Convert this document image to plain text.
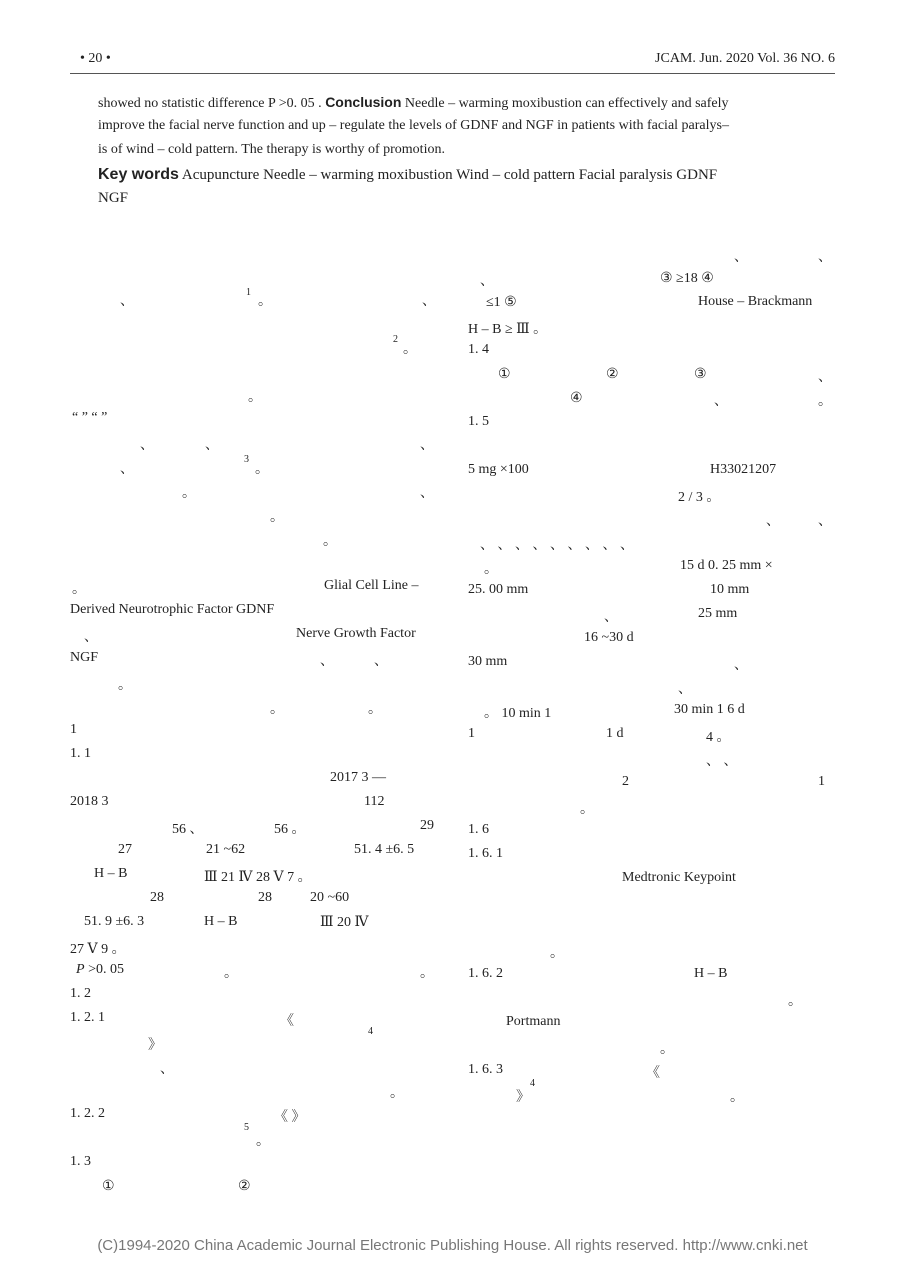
• 20 •	JCAM. Jun. 2020 Vol. 36 NO. 6
showed no statistic difference P >0. 05 . Conclusion Needle – warming moxibustion can effectively and safely
improve the facial nerve function and up – regulate the levels of GDNF and NGF in patients with facial paralys–
is of wind – cold pattern. The therapy is worthy of promotion.
Key words Acupuncture Needle – warming moxibustion Wind – cold pattern Facial paralysis GDNF
NGF
、
1
。	、
2
。
。
“ ” “ ”
、	、	、
、
3
。
。	、
。
。
。	Glial Cell Line –
Derived Neurotrophic Factor GDNF
、	Nerve Growth Factor
NGF	、	、
。
。	。
1
1. 1
2017 3 —
2018 3	112
56 、	56 。	29
27	21 ~62	51. 4 ±6. 5
H – B	Ⅲ 21 Ⅳ 28 Ⅴ 7 。
28	28	20 ~60
51. 9 ±6. 3	H – B	Ⅲ 20 Ⅳ
27 Ⅴ 9 。
P >0. 05	。	。
1. 2
1. 2. 1	《
4
》
、
。
1. 2. 2	《 》
5
。
1. 3
①	②
、	、
、	③ ≥18 ④
≤1 ⑤	House – Brackmann
H – B ≥ Ⅲ 。
1. 4
①	②	③	、
④	、	。
1. 5
5 mg ×100	H33021207
2 / 3 。
、	、
、 、 、 、 、 、 、 、 、
。	15 d 0. 25 mm ×
25. 00 mm	10 mm
、	25 mm
16 ~30 d
30 mm	、
、
。 10 min 1	30 min 1 6 d
1	1 d	4 。
、 、
2	1
。
1. 6
1. 6. 1
Medtronic Keypoint
。
1. 6. 2	H – B
。
Portmann
。
1. 6. 3	《
》
4
。
(C)1994-2020 China Academic Journal Electronic Publishing House. All rights reserved. http://www.cnki.net
